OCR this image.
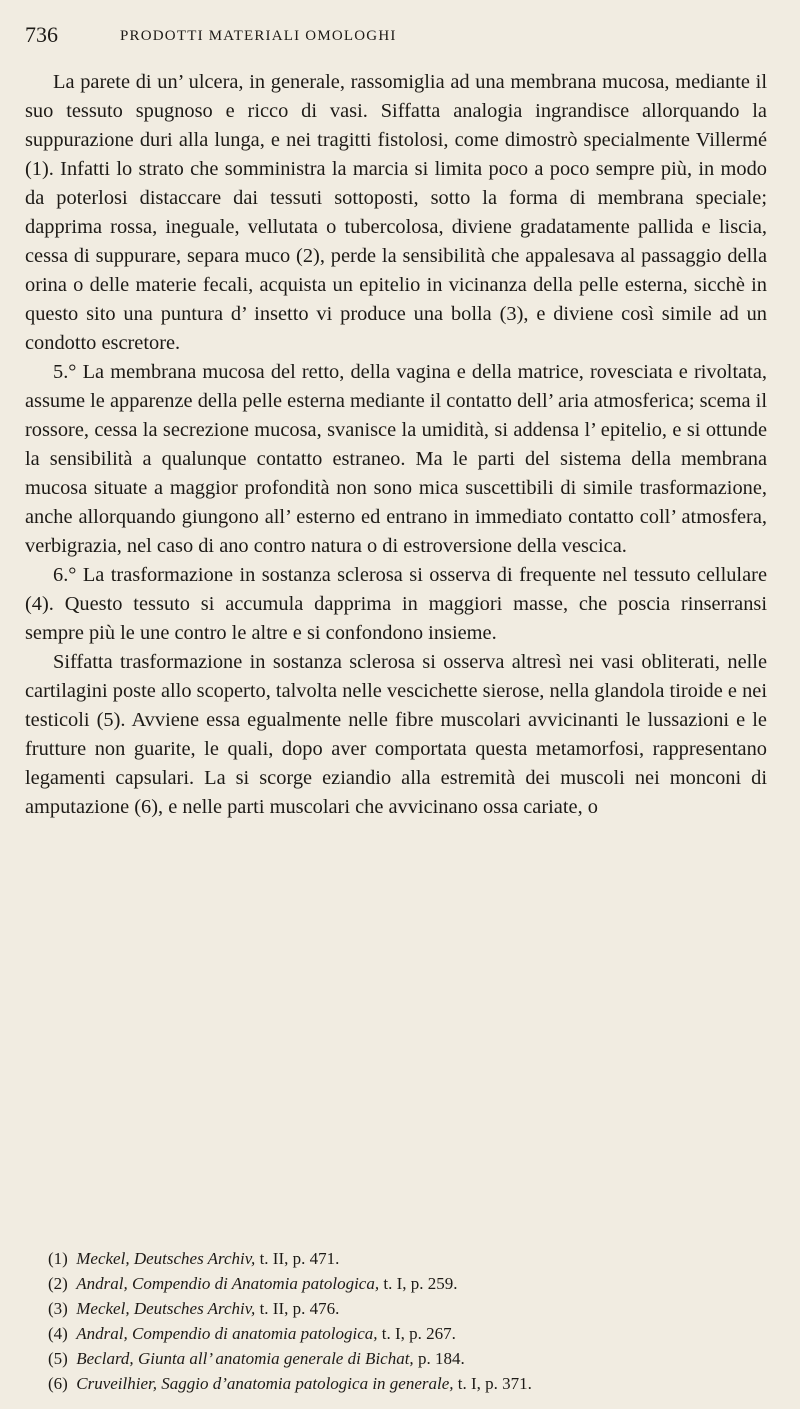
736	PRODOTTI MATERIALI OMOLOGHI

La parete di un’ ulcera, in generale, rassomiglia ad una membrana mucosa, mediante il suo tessuto spugnoso e ricco di vasi. Siffatta analogia ingrandisce allorquando la suppurazione duri alla lunga, e nei tragitti fistolosi, come dimostrò specialmente Villermé (1). Infatti lo strato che somministra la marcia si limita poco a poco sempre più, in modo da poterlosi distaccare dai tessuti sottoposti, sotto la forma di membrana speciale; dapprima rossa, ineguale, vellutata o tubercolosa, diviene gradatamente pallida e liscia, cessa di suppurare, separa muco (2), perde la sensibilità che appalesava al passaggio della orina o delle materie fecali, acquista un epitelio in vicinanza della pelle esterna, sicchè in questo sito una puntura d’ insetto vi produce una bolla (3), e diviene così simile ad un condotto escretore.

5.° La membrana mucosa del retto, della vagina e della matrice, rovesciata e rivoltata, assume le apparenze della pelle esterna mediante il contatto dell’ aria atmosferica; scema il rossore, cessa la secrezione mucosa, svanisce la umidità, si addensa l’ epitelio, e si ottunde la sensibilità a qualunque contatto estraneo. Ma le parti del sistema della membrana mucosa situate a maggior profondità non sono mica suscettibili di simile trasformazione, anche allorquando giungono all’ esterno ed entrano in immediato contatto coll’ atmosfera, verbigrazia, nel caso di ano contro natura o di estroversione della vescica.

6.° La trasformazione in sostanza sclerosa si osserva di frequente nel tessuto cellulare (4). Questo tessuto si accumula dapprima in maggiori masse, che poscia rinserransi sempre più le une contro le altre e si confondono insieme.

Siffatta trasformazione in sostanza sclerosa si osserva altresì nei vasi obliterati, nelle cartilagini poste allo scoperto, talvolta nelle vescichette sierose, nella glandola tiroide e nei testicoli (5). Avviene essa egualmente nelle fibre muscolari avvicinanti le lussazioni e le frutture non guarite, le quali, dopo aver comportata questa metamorfosi, rappresentano legamenti capsulari. La si scorge eziandio alla estremità dei muscoli nei monconi di amputazione (6), e nelle parti muscolari che avvicinano ossa cariate, o

(1) Meckel, Deutsches Archiv, t. II, p. 471.
(2) Andral, Compendio di Anatomia patologica, t. I, p. 259.
(3) Meckel, Deutsches Archiv, t. II, p. 476.
(4) Andral, Compendio di anatomia patologica, t. I, p. 267.
(5) Beclard, Giunta all’ anatomia generale di Bichat, p. 184.
(6) Cruveilhier, Saggio d’anatomia patologica in generale, t. I, p. 371.
